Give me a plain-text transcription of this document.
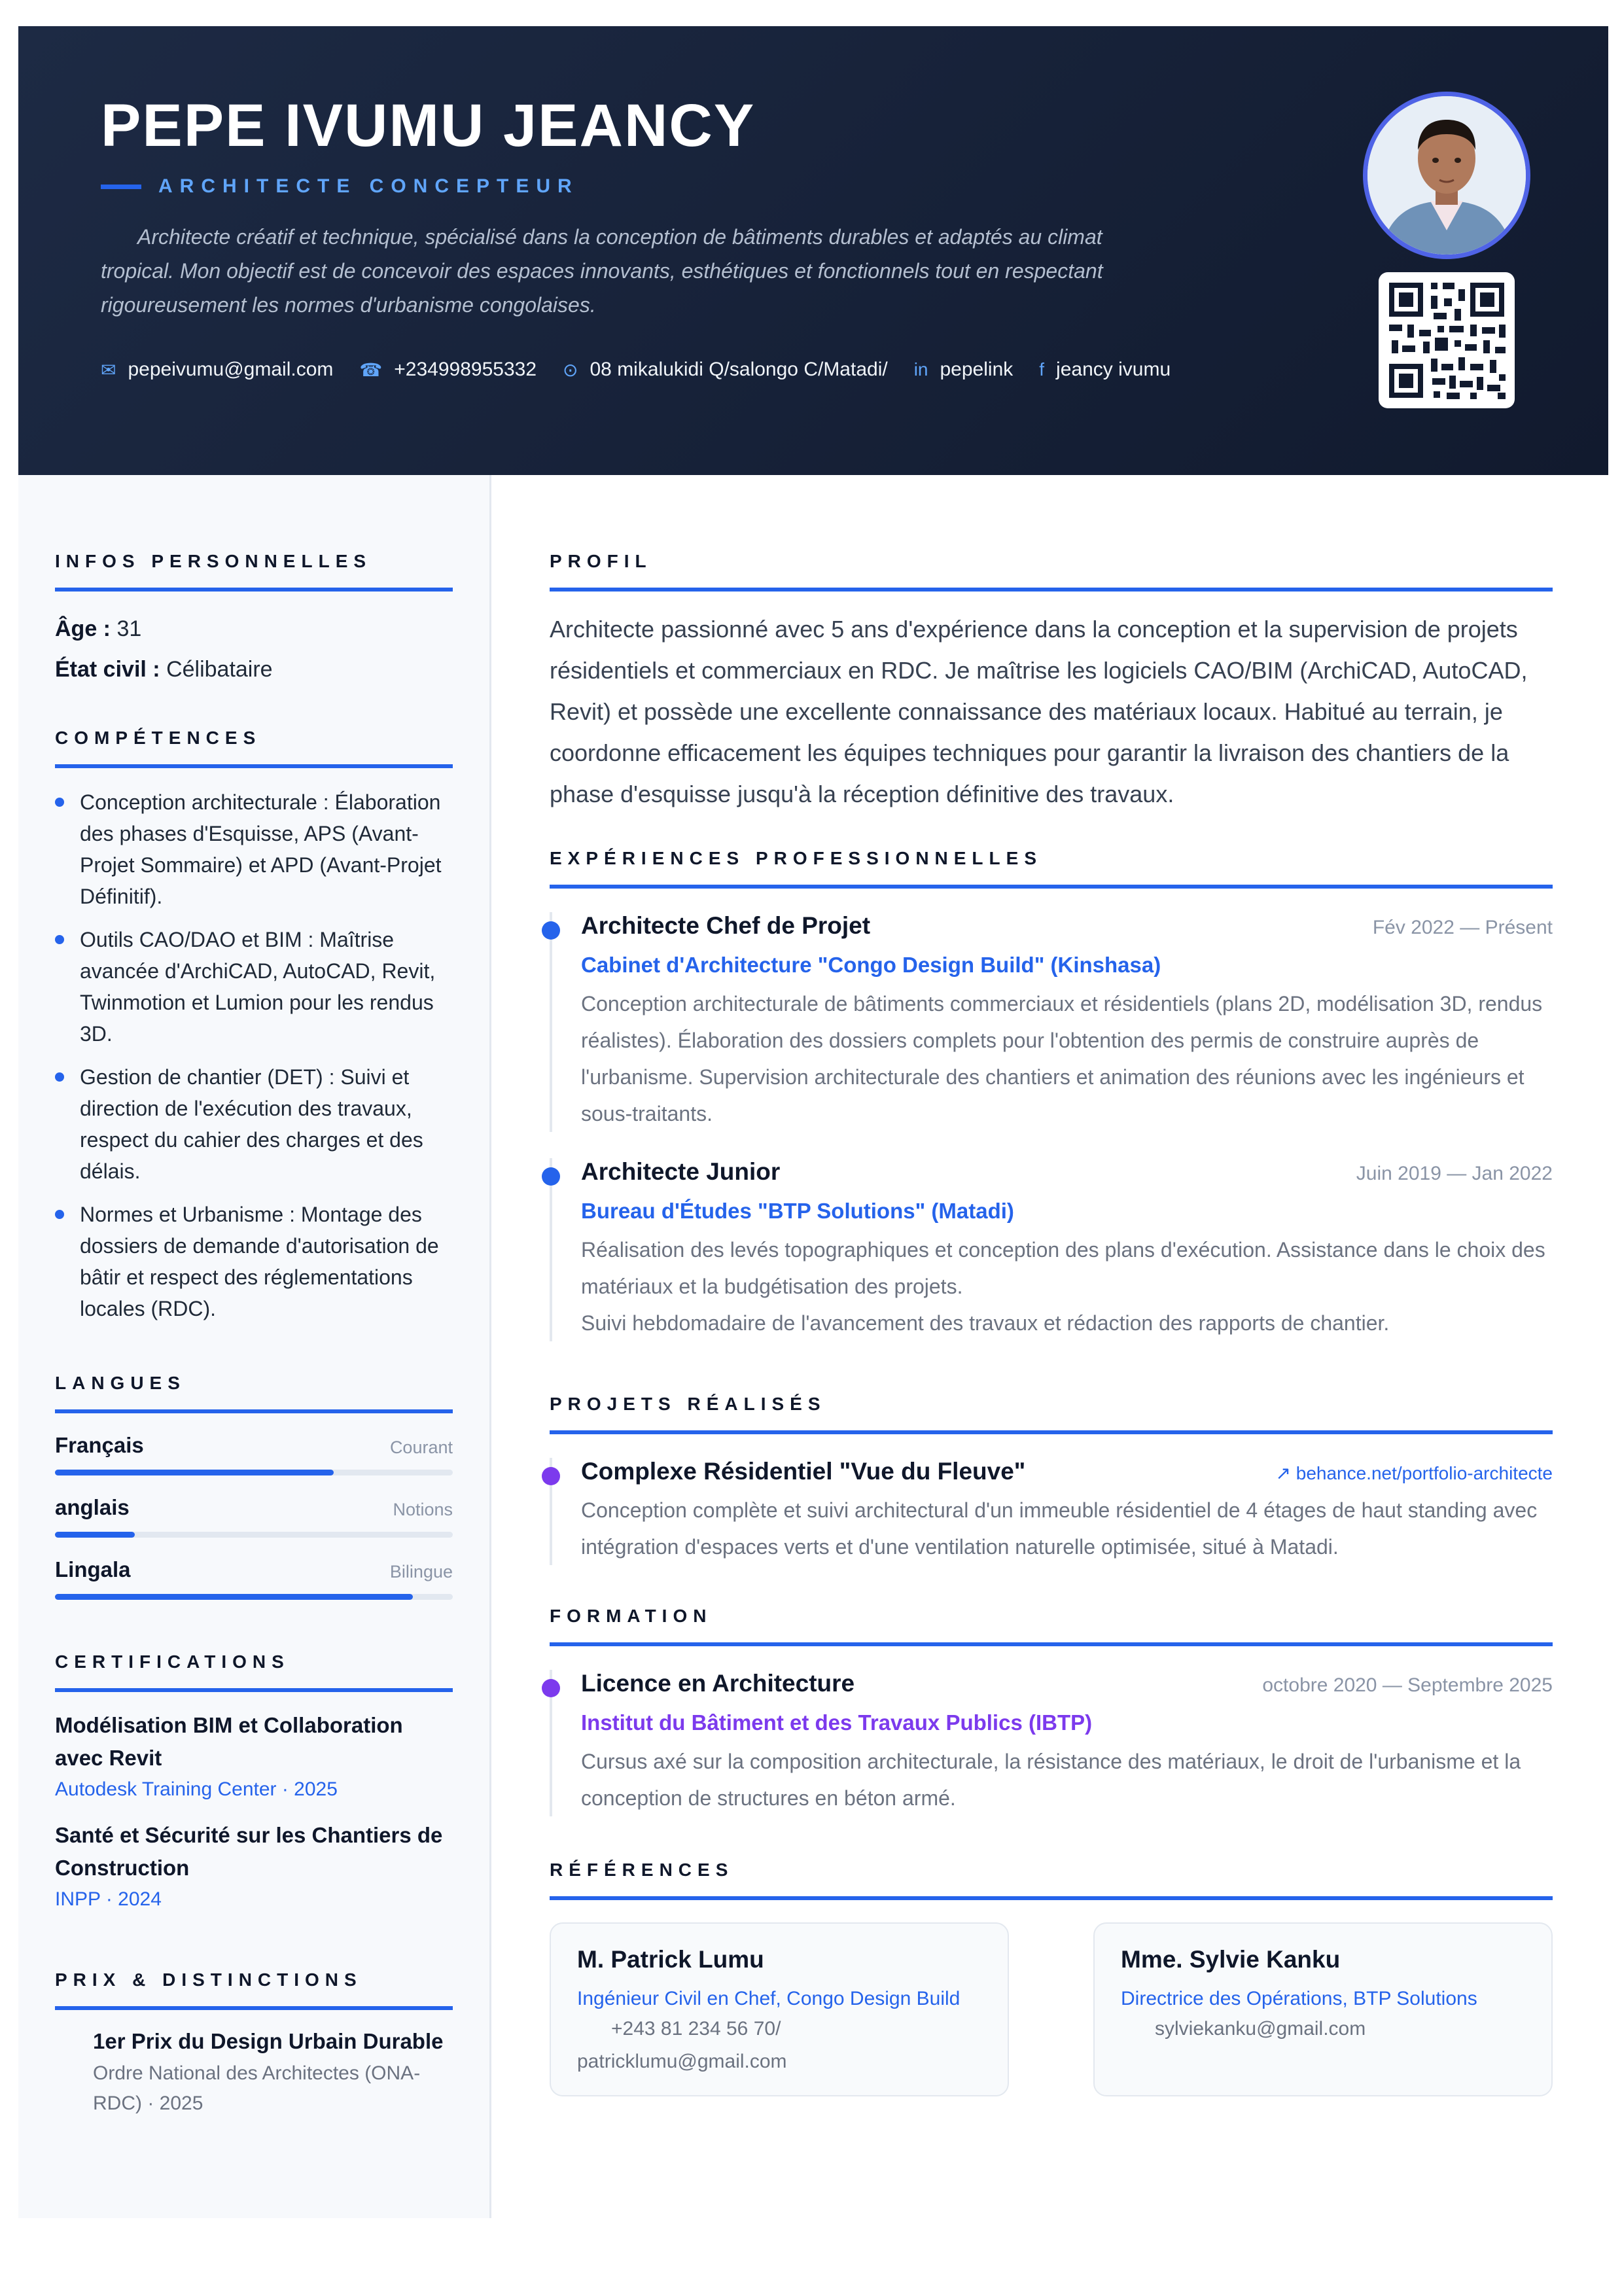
PEPE IVUMU JEANCY
ARCHITECTE CONCEPTEUR
Architecte créatif et technique, spécialisé dans la conception de bâtiments durables et adaptés au climat tropical. Mon objectif est de concevoir des espaces innovants, esthétiques et fonctionnels tout en respectant rigoureusement les normes d'urbanisme congolaises.
✉ pepeivumu@gmail.com ☎ +234998955332 ⊙ 08 mikalukidi Q/salongo C/Matadi/ in pepelink f jeancy ivumu
INFOS PERSONNELLES
Âge : 31
État civil : Célibataire
COMPÉTENCES
Conception architecturale : Élaboration des phases d'Esquisse, APS (Avant-Projet Sommaire) et APD (Avant-Projet Définitif).
Outils CAO/DAO et BIM : Maîtrise avancée d'ArchiCAD, AutoCAD, Revit, Twinmotion et Lumion pour les rendus 3D.
Gestion de chantier (DET) : Suivi et direction de l'exécution des travaux, respect du cahier des charges et des délais.
Normes et Urbanisme : Montage des dossiers de demande d'autorisation de bâtir et respect des réglementations locales (RDC).
LANGUES
Français	Courant
anglais	Notions
Lingala	Bilingue
CERTIFICATIONS
Modélisation BIM et Collaboration avec Revit
Autodesk Training Center · 2025
Santé et Sécurité sur les Chantiers de Construction
INPP · 2024
PRIX & DISTINCTIONS
1er Prix du Design Urbain Durable
Ordre National des Architectes (ONA-RDC) · 2025
PROFIL
Architecte passionné avec 5 ans d'expérience dans la conception et la supervision de projets résidentiels et commerciaux en RDC. Je maîtrise les logiciels CAO/BIM (ArchiCAD, AutoCAD, Revit) et possède une excellente connaissance des matériaux locaux. Habitué au terrain, je coordonne efficacement les équipes techniques pour garantir la livraison des chantiers de la phase d'esquisse jusqu'à la réception définitive des travaux.
EXPÉRIENCES PROFESSIONNELLES
Architecte Chef de Projet	Fév 2022 — Présent
Cabinet d'Architecture "Congo Design Build" (Kinshasa)
Conception architecturale de bâtiments commerciaux et résidentiels (plans 2D, modélisation 3D, rendus réalistes). Élaboration des dossiers complets pour l'obtention des permis de construire auprès de l'urbanisme. Supervision architecturale des chantiers et animation des réunions avec les ingénieurs et sous-traitants.
Architecte Junior	Juin 2019 — Jan 2022
Bureau d'Études "BTP Solutions" (Matadi)
Réalisation des levés topographiques et conception des plans d'exécution. Assistance dans le choix des matériaux et la budgétisation des projets.
Suivi hebdomadaire de l'avancement des travaux et rédaction des rapports de chantier.
PROJETS RÉALISÉS
Complexe Résidentiel "Vue du Fleuve"	↗ behance.net/portfolio-architecte
Conception complète et suivi architectural d'un immeuble résidentiel de 4 étages de haut standing avec intégration d'espaces verts et d'une ventilation naturelle optimisée, situé à Matadi.
FORMATION
Licence en Architecture	octobre 2020 — Septembre 2025
Institut du Bâtiment et des Travaux Publics (IBTP)
Cursus axé sur la composition architecturale, la résistance des matériaux, le droit de l'urbanisme et la conception de structures en béton armé.
RÉFÉRENCES
M. Patrick Lumu
Ingénieur Civil en Chef, Congo Design Build
+243 81 234 56 70/
patricklumu@gmail.com
Mme. Sylvie Kanku
Directrice des Opérations, BTP Solutions
sylviekanku@gmail.com
